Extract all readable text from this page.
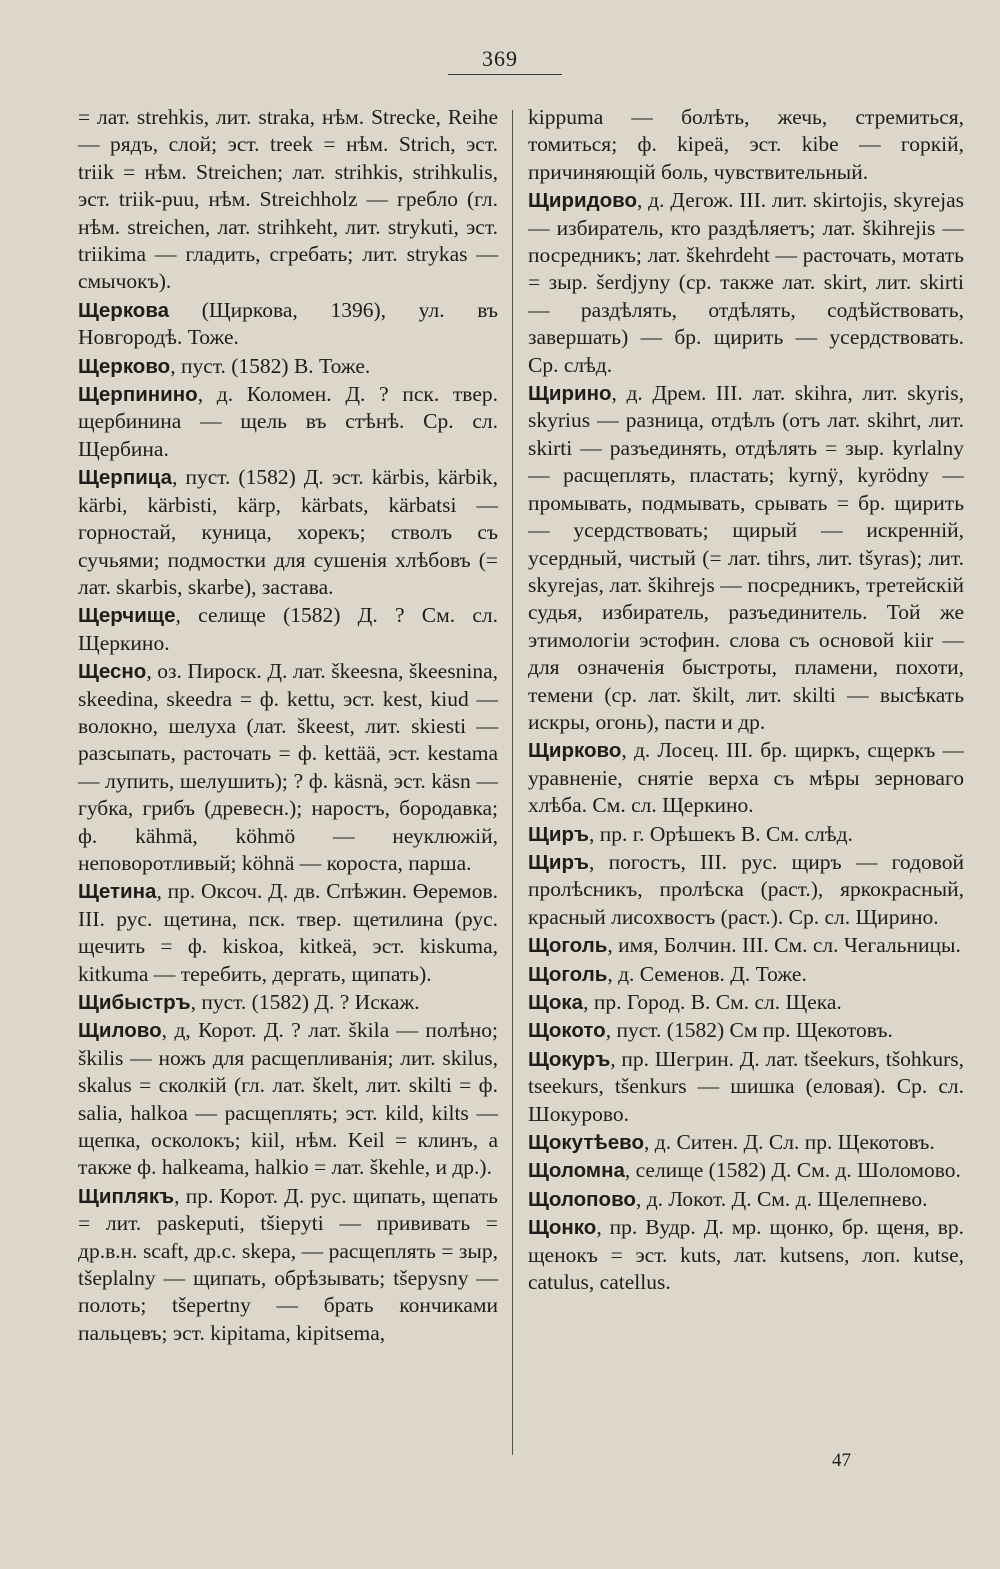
369
= лат. strehkis, лит. straka, нѣм. Strecke, Reihe — рядъ, слой; эст. treek = нѣм. Strich, эст. triik = нѣм. Streichen; лат. strihkis, strihkulis, эст. triik-puu, нѣм. Streichholz — гребло (гл. нѣм. streichen, лат. strihkeht, лит. strykuti, эст. triikima — гладить, сгребать; лит. strykas — смычокъ).
Щеркова (Щиркова, 1396), ул. въ Новгородѣ. Тоже.
Щерково, пуст. (1582) В. Тоже.
Щерпинино, д. Коломен. Д. ? пск. твер. щербинина — щель въ стѣнѣ. Ср. сл. Щербина.
Щерпица, пуст. (1582) Д. эст. kärbis, kärbik, kärbi, kärbisti, kärp, kärbats, kärbatsi — горностай, куница, хорекъ; стволъ съ сучьями; подмостки для сушенія хлѣбовъ (= лат. skarbis, skarbe), застава.
Щерчище, селище (1582) Д. ? См. сл. Щеркино.
Щесно, оз. Пироск. Д. лат. škeesna, škeesnina, skeedina, skeedra = ф. kettu, эст. kest, kiud — волокно, шелуха (лат. škeest, лит. skiesti — разсыпать, расточать = ф. kettää, эст. kestama — лупить, шелушить); ? ф. käsnä, эст. käsn — губка, грибъ (древесн.); наростъ, бородавка; ф. kähmä, köhmö — неуклюжій, неповоротливый; köhnä — короста, парша.
Щетина, пр. Оксоч. Д. дв. Спѣжин. Өеремов. III. рус. щетина, пск. твер. щетилина (рус. щечить = ф. kiskoa, kitkeä, эст. kiskuma, kitkuma — теребить, дергать, щипать).
Щибыстръ, пуст. (1582) Д. ? Искаж.
Щилово, д, Корот. Д. ? лат. škila — полѣно; škilis — ножъ для расщепливанія; лит. skilus, skalus = сколкій (гл. лат. škelt, лит. skilti = ф. salia, halkoa — расщеплять; эст. kild, kilts — щепка, осколокъ; kiil, нѣм. Keil = клинъ, а также ф. halkeama, halkio = лат. škehle, и др.).
Щиплякъ, пр. Корот. Д. рус. щипать, щепать = лит. paskeputi, tšiepyti — прививать = др.в.н. scaft, др.с. skepa, — расщеплять = зыр, tšeplalny — щипать, обрѣзывать; tšepysny — полоть; tšepertny — брать кончиками пальцевъ; эст. kipitama, kipitsema,
kippuma — болѣть, жечь, стремиться, томиться; ф. kipeä, эст. kibe — горкій, причиняющій боль, чувствительный.
Щиридово, д. Дегож. III. лит. skirtojis, skyrejas — избиратель, кто раздѣляетъ; лат. škihrejis — посредникъ; лат. škehrdeht — расточать, мотать = зыр. šerdjyny (ср. также лат. skirt, лит. skirti — раздѣлять, отдѣлять, содѣйствовать, завершать) — бр. щирить — усердствовать. Ср. слѣд.
Щирино, д. Дрем. III. лат. skihra, лит. skyris, skyrius — разница, отдѣлъ (отъ лат. skihrt, лит. skirti — разъединять, отдѣлять = зыр. kyrlalny — расщеплять, пластать; kyrnÿ, kyrödny — промывать, подмывать, срывать = бр. щирить — усердствовать; щирый — искренній, усердный, чистый (= лат. tihrs, лит. tšyras); лит. skyrejas, лат. škihrejs — посредникъ, третейскій судья, избиратель, разъединитель. Той же этимологіи эстофин. слова съ основой kiir — для означенія быстроты, пламени, похоти, темени (ср. лат. škilt, лит. skilti — высѣкать искры, огонь), пасти и др.
Щирково, д. Лосец. III. бр. щиркъ, сщеркъ — уравненіе, снятіе верха съ мѣры зерноваго хлѣба. См. сл. Щеркино.
Щиръ, пр. г. Орѣшекъ В. См. слѣд.
Щиръ, погостъ, III. рус. щиръ — годовой пролѣсникъ, пролѣска (раст.), яркокрасный, красный лисохвостъ (раст.). Ср. сл. Щирино.
Щоголь, имя, Болчин. III. См. сл. Чегальницы.
Щоголь, д. Семенов. Д. Тоже.
Щока, пр. Город. В. См. сл. Щека.
Щокото, пуст. (1582) См пр. Щекотовъ.
Щокуръ, пр. Шегрин. Д. лат. tšeekurs, tšohkurs, tseekurs, tšenkurs — шишка (еловая). Ср. сл. Шокурово.
Щокутѣево, д. Ситен. Д. Сл. пр. Щекотовъ.
Щоломна, селище (1582) Д. См. д. Шоломово.
Щолопово, д. Локот. Д. См. д. Щелепнево.
Щонко, пр. Вудр. Д. мр. щонко, бр. щеня, вр. щенокъ = эст. kuts, лат. kutsens, лоп. kutse, catulus, catellus.
47
